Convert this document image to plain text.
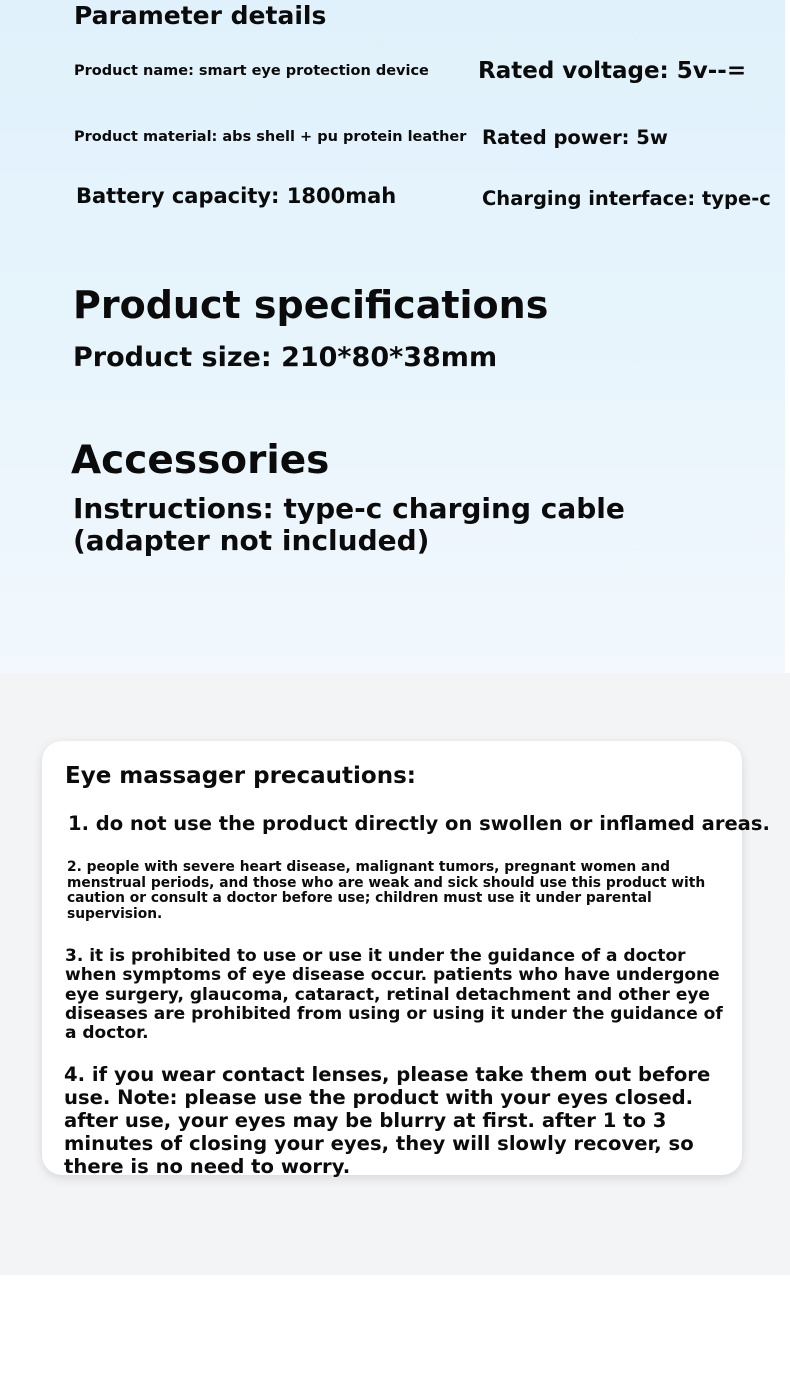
Parameter details

Product name: smart eye protection device Rated voltage: 5v--=

Product material: abs shell + pu protein leather Rated power: 5w

Battery capacity: 1800mah	Charging interface: type-c

Product specifications

Product size: 210*80*38mm

Accessories

Instructions: type-c charging cable (adapter not included)

Eye massager precautions:

1. do not use the product directly on swollen or inflamed areas.

2. people with severe heart disease, malignant tumors, pregnant women and menstrual periods, and those who are weak and sick should use this product with caution or consult a doctor before use; children must use it under parental supervision.

3. it is prohibited to use or use it under the guidance of a doctor when symptoms of eye disease occur. patients who have undergone eye surgery, glaucoma, cataract, retinal detachment and other eye diseases are prohibited from using or using it under the guidance of a doctor.

4. if you wear contact lenses, please take them out before use. Note: please use the product with your eyes closed. after use, your eyes may be blurry at first. after 1 to 3 minutes of closing your eyes, they will slowly recover, so there is no need to worry.
